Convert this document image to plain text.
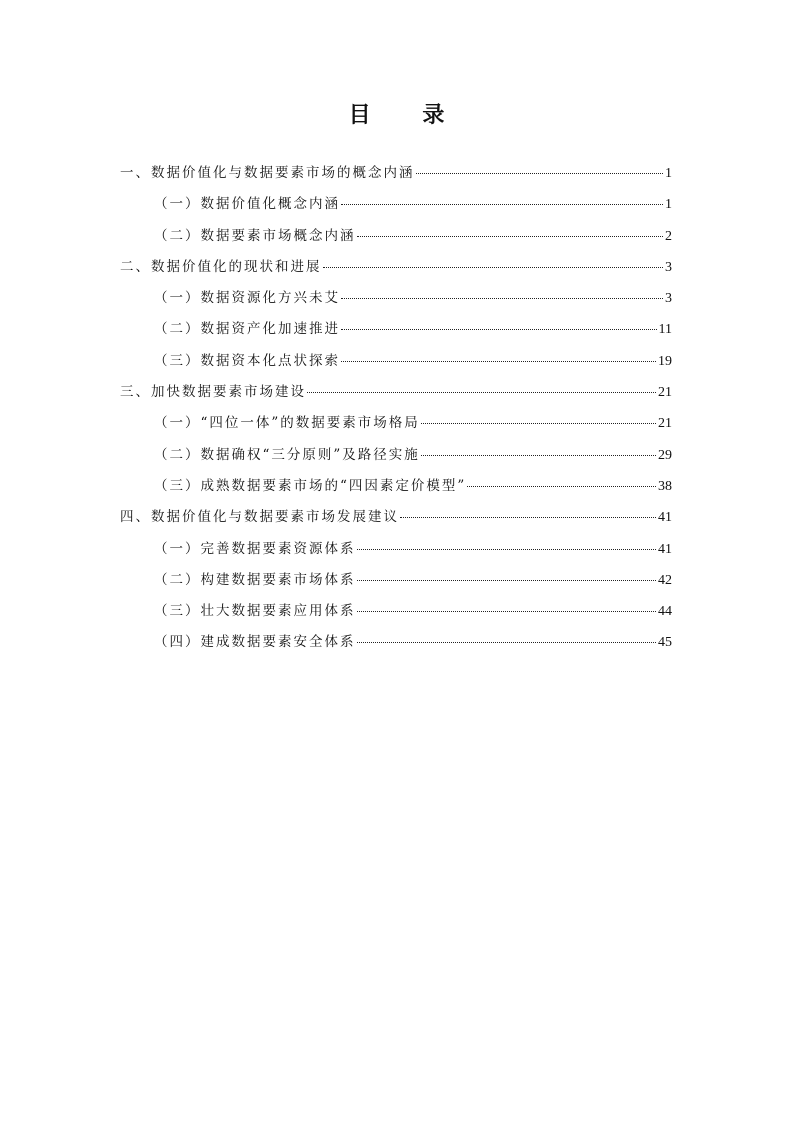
目 录
一、数据价值化与数据要素市场的概念内涵	1
（一）数据价值化概念内涵	1
（二）数据要素市场概念内涵	2
二、数据价值化的现状和进展	3
（一）数据资源化方兴未艾	3
（二）数据资产化加速推进	11
（三）数据资本化点状探索	19
三、加快数据要素市场建设	21
（一）“四位一体”的数据要素市场格局	21
（二）数据确权“三分原则”及路径实施	29
（三）成熟数据要素市场的“四因素定价模型”	38
四、数据价值化与数据要素市场发展建议	41
（一）完善数据要素资源体系	41
（二）构建数据要素市场体系	42
（三）壮大数据要素应用体系	44
（四）建成数据要素安全体系	45
